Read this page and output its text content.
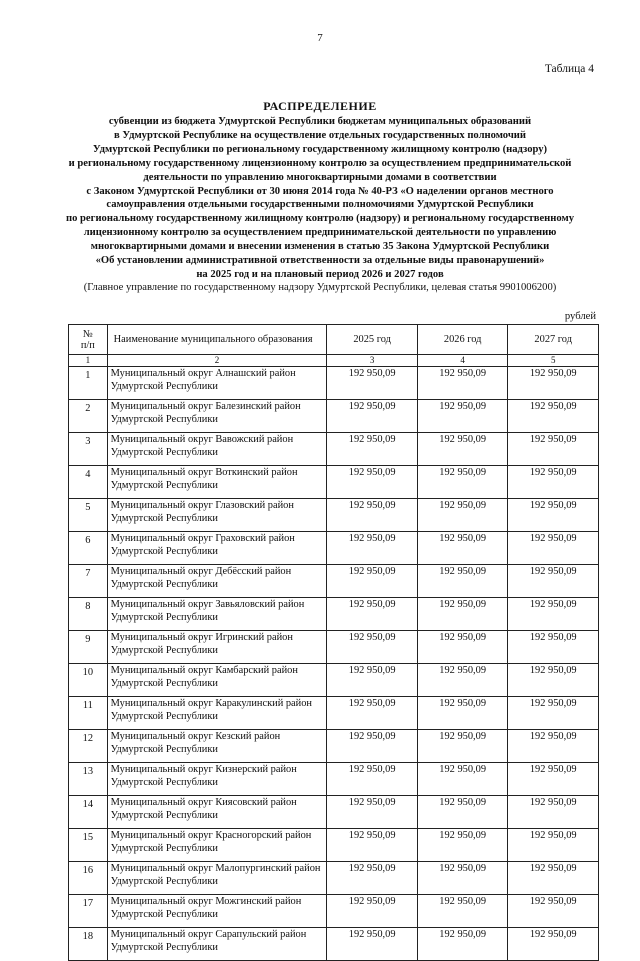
7
Таблица 4
РАСПРЕДЕЛЕНИЕ
субвенции из бюджета Удмуртской Республики бюджетам муниципальных образований
в Удмуртской Республике на осуществление отдельных государственных полномочий
Удмуртской Республики по региональному государственному жилищному контролю (надзору)
и региональному государственному лицензионному контролю за осуществлением предпринимательской
деятельности по управлению многоквартирными домами в соответствии
с Законом Удмуртской Республики от 30 июня 2014 года № 40-РЗ «О наделении органов местного
самоуправления отдельными государственными полномочиями Удмуртской Республики
по региональному государственному жилищному контролю (надзору) и региональному государственному
лицензионному контролю за осуществлением предпринимательской деятельности по управлению
многоквартирными домами и внесении изменения в статью 35 Закона Удмуртской Республики
«Об установлении административной ответственности за отдельные виды правонарушений»
на 2025 год и на плановый период 2026 и 2027 годов
(Главное управление по государственному надзору Удмуртской Республики, целевая статья 9901006200)
рублей
№
п/п	Наименование муниципального образования	2025 год	2026 год	2027 год
1	2	3	4	5
1	Муниципальный округ Алнашский район Удмуртской Республики	192 950,09	192 950,09	192 950,09
2	Муниципальный округ Балезинский район Удмуртской Республики	192 950,09	192 950,09	192 950,09
3	Муниципальный округ Вавожский район Удмуртской Республики	192 950,09	192 950,09	192 950,09
4	Муниципальный округ Воткинский район Удмуртской Республики	192 950,09	192 950,09	192 950,09
5	Муниципальный округ Глазовский район Удмуртской Республики	192 950,09	192 950,09	192 950,09
6	Муниципальный округ Граховский район Удмуртской Республики	192 950,09	192 950,09	192 950,09
7	Муниципальный округ Дебёсский район Удмуртской Республики	192 950,09	192 950,09	192 950,09
8	Муниципальный округ Завьяловский район Удмуртской Республики	192 950,09	192 950,09	192 950,09
9	Муниципальный округ Игринский район Удмуртской Республики	192 950,09	192 950,09	192 950,09
10	Муниципальный округ Камбарский район Удмуртской Республики	192 950,09	192 950,09	192 950,09
11	Муниципальный округ Каракулинский район Удмуртской Республики	192 950,09	192 950,09	192 950,09
12	Муниципальный округ Кезский район Удмуртской Республики	192 950,09	192 950,09	192 950,09
13	Муниципальный округ Кизнерский район Удмуртской Республики	192 950,09	192 950,09	192 950,09
14	Муниципальный округ Киясовский район Удмуртской Республики	192 950,09	192 950,09	192 950,09
15	Муниципальный округ Красногорский район Удмуртской Республики	192 950,09	192 950,09	192 950,09
16	Муниципальный округ Малопургинский район Удмуртской Республики	192 950,09	192 950,09	192 950,09
17	Муниципальный округ Можгинский район Удмуртской Республики	192 950,09	192 950,09	192 950,09
18	Муниципальный округ Сарапульский район Удмуртской Республики	192 950,09	192 950,09	192 950,09
